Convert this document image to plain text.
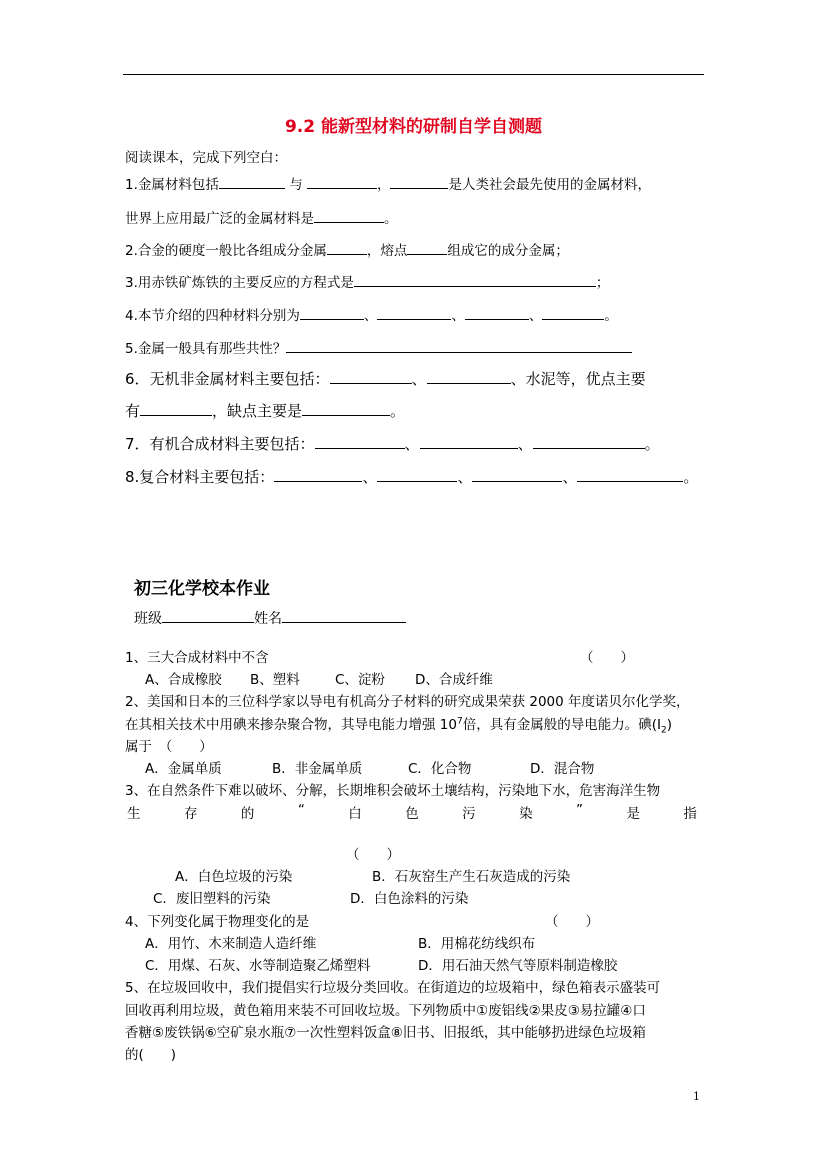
9.2 能新型材料的研制自学自测题
阅读课本，完成下列空白：
1.金属材料包括	与	，	是人类社会最先使用的金属材料，
世界上应用最广泛的金属材料是	。
2.合金的硬度一般比各组成分金属	，熔点	组成它的成分金属；
3.用赤铁矿炼铁的主要反应的方程式是	；
4.本节介绍的四种材料分别为	、	、	、	。
5.金属一般具有那些共性？
6．无机非金属材料主要包括：	、	、水泥等，优点主要
有	，缺点主要是	。
7．有机合成材料主要包括：	、	、	。
8.复合材料主要包括：	、	、	、	。
初三化学校本作业
班级	姓名
1、三大合成材料中不含	（　　）
A、合成橡胶 B、塑料	C、淀粉 D、合成纤维
2、美国和日本的三位科学家以导电有机高分子材料的研究成果荣获 2000 年度诺贝尔化学奖，
在其相关技术中用碘来掺杂聚合物，其导电能力增强 $10^7$倍，具有金属般的导电能力。碘$(I_2)$
属于　（　　）
A．金属单质	B．非金属单质	C．化合物	D．混合物
3、在自然条件下难以破坏、分解，长期堆积会破坏土壤结构，污染地下水，危害海洋生物
生	存	的	“	白	色	污	染	”	是	指
（　　）
A．白色垃圾的污染	B．石灰窑生产生石灰造成的污染
C．废旧塑料的污染	D．白色涂料的污染
4、下列变化属于物理变化的是	（　　）
A．用竹、木来制造人造纤维	B．用棉花纺线织布
C．用煤、石灰、水等制造聚乙烯塑料	D．用石油天然气等原料制造橡胶
5、在垃圾回收中，我们提倡实行垃圾分类回收。在街道边的垃圾箱中，绿色箱表示盛装可
回收再利用垃圾，黄色箱用来装不可回收垃圾。下列物质中①废铝线②果皮③易拉罐④口
香糖⑤废铁锅⑥空矿泉水瓶⑦一次性塑料饭盒⑧旧书、旧报纸，其中能够扔进绿色垃圾箱
的(　　)
1
